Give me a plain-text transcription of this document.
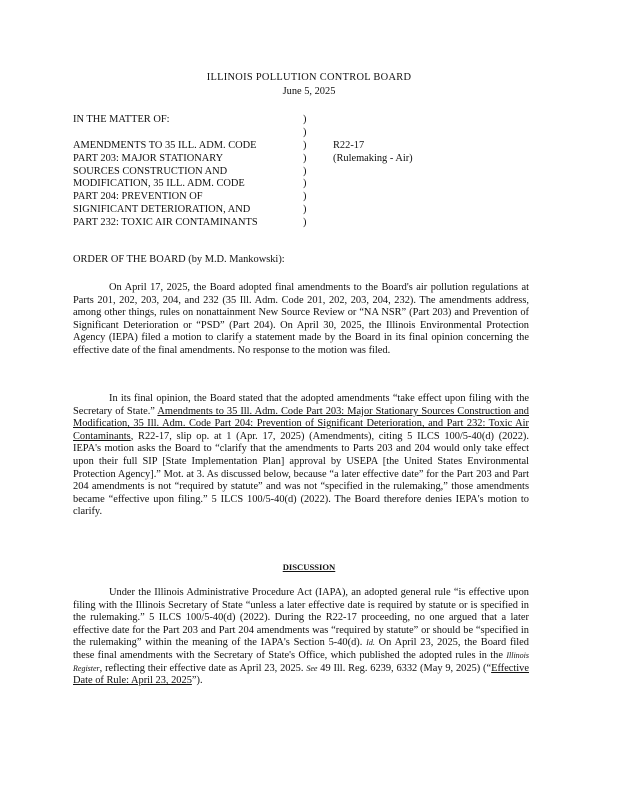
ILLINOIS POLLUTION CONTROL BOARD
June 5, 2025
IN THE MATTER OF:
AMENDMENTS TO 35 ILL. ADM. CODE
PART 203: MAJOR STATIONARY
SOURCES CONSTRUCTION AND
MODIFICATION, 35 ILL. ADM. CODE
PART 204: PREVENTION OF
SIGNIFICANT DETERIORATION, AND
PART 232: TOXIC AIR CONTAMINANTS
)
)
)
)
)
)
)
)
)
R22-17
(Rulemaking - Air)
ORDER OF THE BOARD (by M.D. Mankowski):

On April 17, 2025, the Board adopted final amendments to the Board's air pollution regulations at Parts 201, 202, 203, 204, and 232 (35 Ill. Adm. Code 201, 202, 203, 204, 232). The amendments address, among other things, rules on nonattainment New Source Review or “NA NSR” (Part 203) and Prevention of Significant Deterioration or “PSD” (Part 204). On April 30, 2025, the Illinois Environmental Protection Agency (IEPA) filed a motion to clarify a statement made by the Board in its final opinion concerning the effective date of the final amendments. No response to the motion was filed.

In its final opinion, the Board stated that the adopted amendments “take effect upon filing with the Secretary of State.” Amendments to 35 Ill. Adm. Code Part 203: Major Stationary Sources Construction and Modification, 35 Ill. Adm. Code Part 204: Prevention of Significant Deterioration, and Part 232: Toxic Air Contaminants, R22-17, slip op. at 1 (Apr. 17, 2025) (Amendments), citing 5 ILCS 100/5-40(d) (2022). IEPA's motion asks the Board to “clarify that the amendments to Parts 203 and 204 would only take effect upon their full SIP [State Implementation Plan] approval by USEPA [the United States Environmental Protection Agency].” Mot. at 3. As discussed below, because “a later effective date” for the Part 203 and Part 204 amendments is not “required by statute” and was not “specified in the rulemaking,” those amendments became “effective upon filing.” 5 ILCS 100/5-40(d) (2022). The Board therefore denies IEPA's motion to clarify.

DISCUSSION

Under the Illinois Administrative Procedure Act (IAPA), an adopted general rule “is effective upon filing with the Illinois Secretary of State “unless a later effective date is required by statute or is specified in the rulemaking.” 5 ILCS 100/5-40(d) (2022). During the R22-17 proceeding, no one argued that a later effective date for the Part 203 and Part 204 amendments was “required by statute” or should be “specified in the rulemaking” within the meaning of the IAPA's Section 5-40(d). Id. On April 23, 2025, the Board filed these final amendments with the Secretary of State's Office, which published the adopted rules in the Illinois Register, reflecting their effective date as April 23, 2025. See 49 Ill. Reg. 6239, 6332 (May 9, 2025) (“Effective Date of Rule: April 23, 2025”).
